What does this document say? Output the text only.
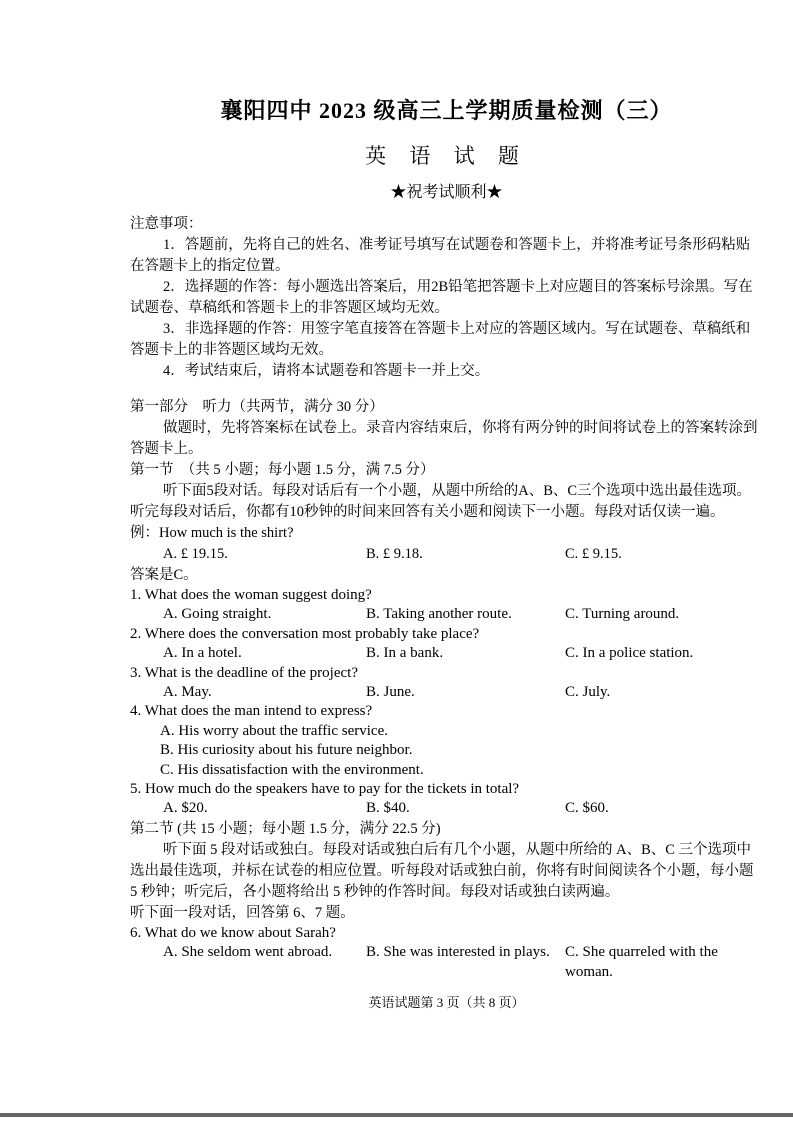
襄阳四中 2023 级高三上学期质量检测（三）
英 语 试 题
★祝考试顺利★
注意事项：

1．答题前，先将自己的姓名、准考证号填写在试题卷和答题卡上，并将准考证号条形码粘贴在答题卡上的指定位置。

2．选择题的作答：每小题选出答案后，用2B铅笔把答题卡上对应题目的答案标号涂黑。写在试题卷、草稿纸和答题卡上的非答题区域均无效。

3．非选择题的作答：用签字笔直接答在答题卡上对应的答题区域内。写在试题卷、草稿纸和答题卡上的非答题区域均无效。

4．考试结束后，请将本试题卷和答题卡一并上交。

第一部分　听力（共两节，满分 30 分）

做题时，先将答案标在试卷上。录音内容结束后，你将有两分钟的时间将试卷上的答案转涂到答题卡上。

第一节　（共 5 小题；每小题 1.5 分，满 7.5 分）

听下面5段对话。每段对话后有一个小题，从题中所给的A、B、C三个选项中选出最佳选项。听完每段对话后，你都有10秒钟的时间来回答有关小题和阅读下一小题。每段对话仅读一遍。

例：How much is the shirt?
A. £ 19.15.	B. £ 9.18.	C. £ 9.15.
答案是C。
1. What does the woman suggest doing?
A. Going straight.	B. Taking another route.	C. Turning around.
2. Where does the conversation most probably take place?
A. In a hotel.	B. In a bank.	C. In a police station.
3. What is the deadline of the project?
A. May.	B. June.	C. July.
4. What does the man intend to express?
A. His worry about the traffic service.
B. His curiosity about his future neighbor.
C. His dissatisfaction with the environment.
5. How much do the speakers have to pay for the tickets in total?
A. $20.	B. $40.	C. $60.
第二节 (共 15 小题；每小题 1.5 分，满分 22.5 分)

听下面 5 段对话或独白。每段对话或独白后有几个小题，从题中所给的 A、B、C 三个选项中选出最佳选项，并标在试卷的相应位置。听每段对话或独白前，你将有时间阅读各个小题，每小题 5 秒钟；听完后，各小题将给出 5 秒钟的作答时间。每段对话或独白读两遍。

听下面一段对话，回答第 6、7 题。
6. What do we know about Sarah?
A. She seldom went abroad.	B. She was interested in plays.	C. She quarreled with the woman.
英语试题第 3 页（共 8 页）
